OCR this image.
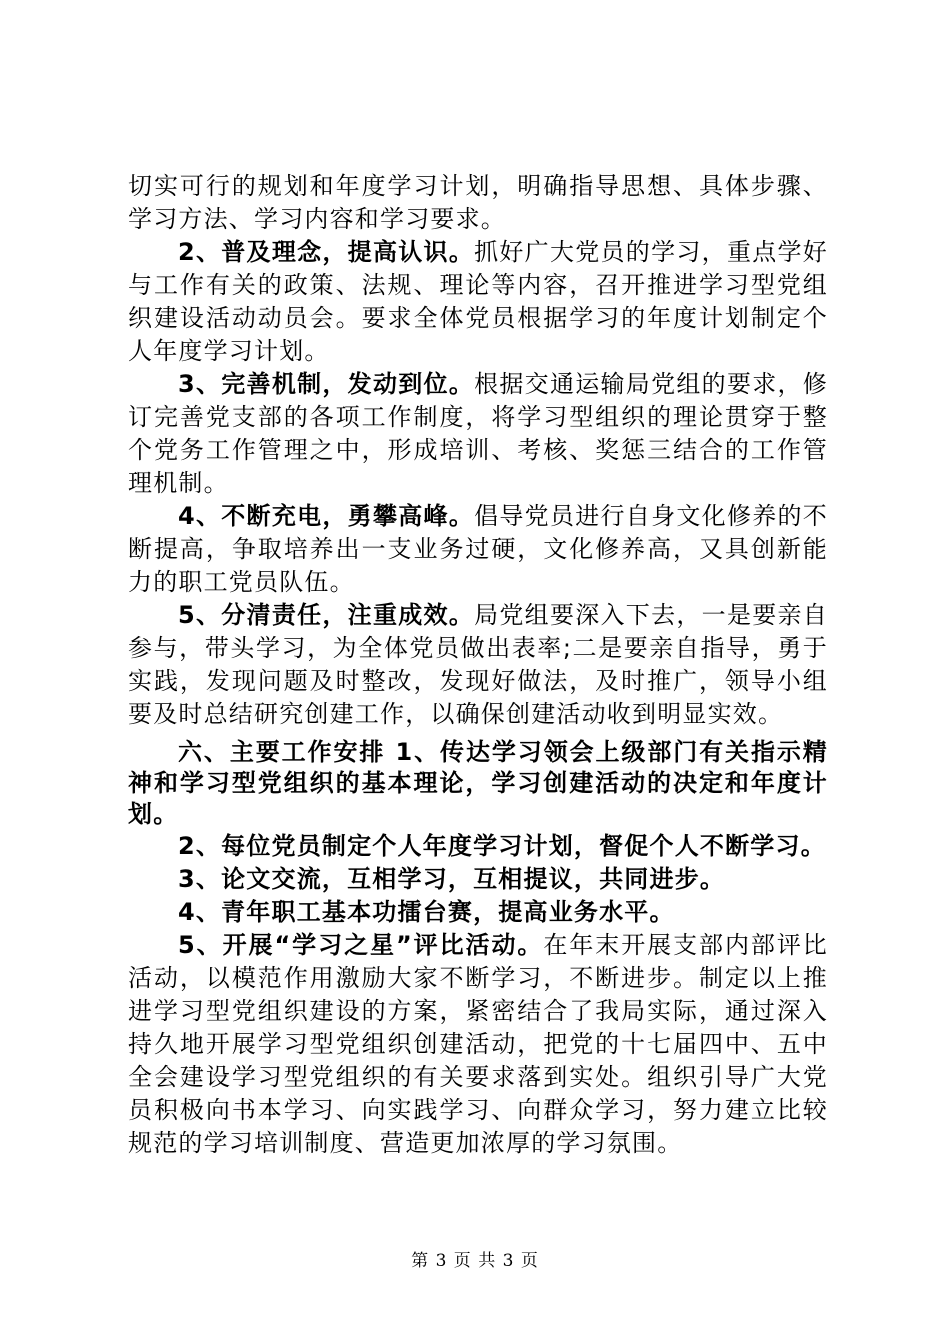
切实可行的规划和年度学习计划，明确指导思想、具体步骤、学习方法、学习内容和学习要求。

2、普及理念，提高认识。抓好广大党员的学习，重点学好与工作有关的政策、法规、理论等内容，召开推进学习型党组织建设活动动员会。要求全体党员根据学习的年度计划制定个人年度学习计划。

3、完善机制，发动到位。根据交通运输局党组的要求，修订完善党支部的各项工作制度，将学习型组织的理论贯穿于整个党务工作管理之中，形成培训、考核、奖惩三结合的工作管理机制。

4、不断充电，勇攀高峰。倡导党员进行自身文化修养的不断提高，争取培养出一支业务过硬，文化修养高，又具创新能力的职工党员队伍。

5、分清责任，注重成效。局党组要深入下去，一是要亲自参与，带头学习，为全体党员做出表率;二是要亲自指导，勇于实践，发现问题及时整改，发现好做法，及时推广，领导小组要及时总结研究创建工作，以确保创建活动收到明显实效。

六、主要工作安排 1、传达学习领会上级部门有关指示精神和学习型党组织的基本理论，学习创建活动的决定和年度计划。

2、每位党员制定个人年度学习计划，督促个人不断学习。

3、论文交流，互相学习，互相提议，共同进步。

4、青年职工基本功擂台赛，提高业务水平。

5、开展“学习之星”评比活动。在年末开展支部内部评比活动，以模范作用激励大家不断学习，不断进步。制定以上推进学习型党组织建设的方案，紧密结合了我局实际，通过深入持久地开展学习型党组织创建活动，把党的十七届四中、五中全会建设学习型党组织的有关要求落到实处。组织引导广大党员积极向书本学习、向实践学习、向群众学习，努力建立比较规范的学习培训制度、营造更加浓厚的学习氛围。

第 3 页 共 3 页
